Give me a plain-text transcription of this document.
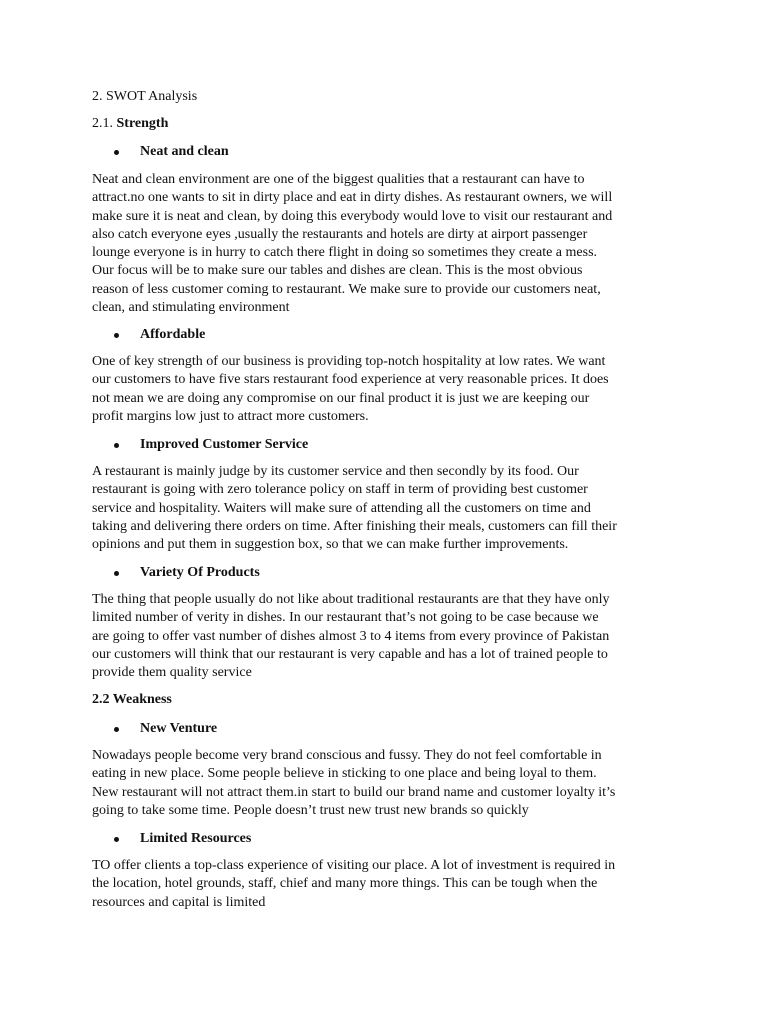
2. SWOT Analysis
2.1. Strength
Neat and clean
Neat and clean environment are one of the biggest qualities that a restaurant can have to
attract.no one wants to sit in dirty place and eat in dirty dishes. As restaurant owners, we will
make sure it is neat and clean, by doing this everybody would love to visit our restaurant and
also catch everyone eyes ,usually the restaurants and hotels are dirty at airport passenger
lounge everyone is in hurry to catch there flight in doing so sometimes they create a mess.
Our focus will be to make sure our tables and dishes are clean. This is the most obvious
reason of less customer coming to restaurant. We make sure to provide our customers neat,
clean, and stimulating environment
Affordable
One of key strength of our business is providing top-notch hospitality at low rates. We want
our customers to have five stars restaurant food experience at very reasonable prices. It does
not mean we are doing any compromise on our final product it is just we are keeping our
profit margins low just to attract more customers.
Improved Customer Service
A restaurant is mainly judge by its customer service and then secondly by its food. Our
restaurant is going with zero tolerance policy on staff in term of providing best customer
service and hospitality. Waiters will make sure of attending all the customers on time and
taking and delivering there orders on time. After finishing their meals, customers can fill their
opinions and put them in suggestion box, so that we can make further improvements.
Variety Of Products
The thing that people usually do not like about traditional restaurants are that they have only
limited number of verity in dishes. In our restaurant that’s not going to be case because we
are going to offer vast number of dishes almost 3 to 4 items from every province of Pakistan
our customers will think that our restaurant is very capable and has a lot of trained people to
provide them quality service
2.2 Weakness
New Venture
Nowadays people become very brand conscious and fussy. They do not feel comfortable in
eating in new place. Some people believe in sticking to one place and being loyal to them.
New restaurant will not attract them.in start to build our brand name and customer loyalty it’s
going to take some time. People doesn’t trust new trust new brands so quickly
Limited Resources
TO offer clients a top-class experience of visiting our place. A lot of investment is required in
the location, hotel grounds, staff, chief and many more things. This can be tough when the
resources and capital is limited
